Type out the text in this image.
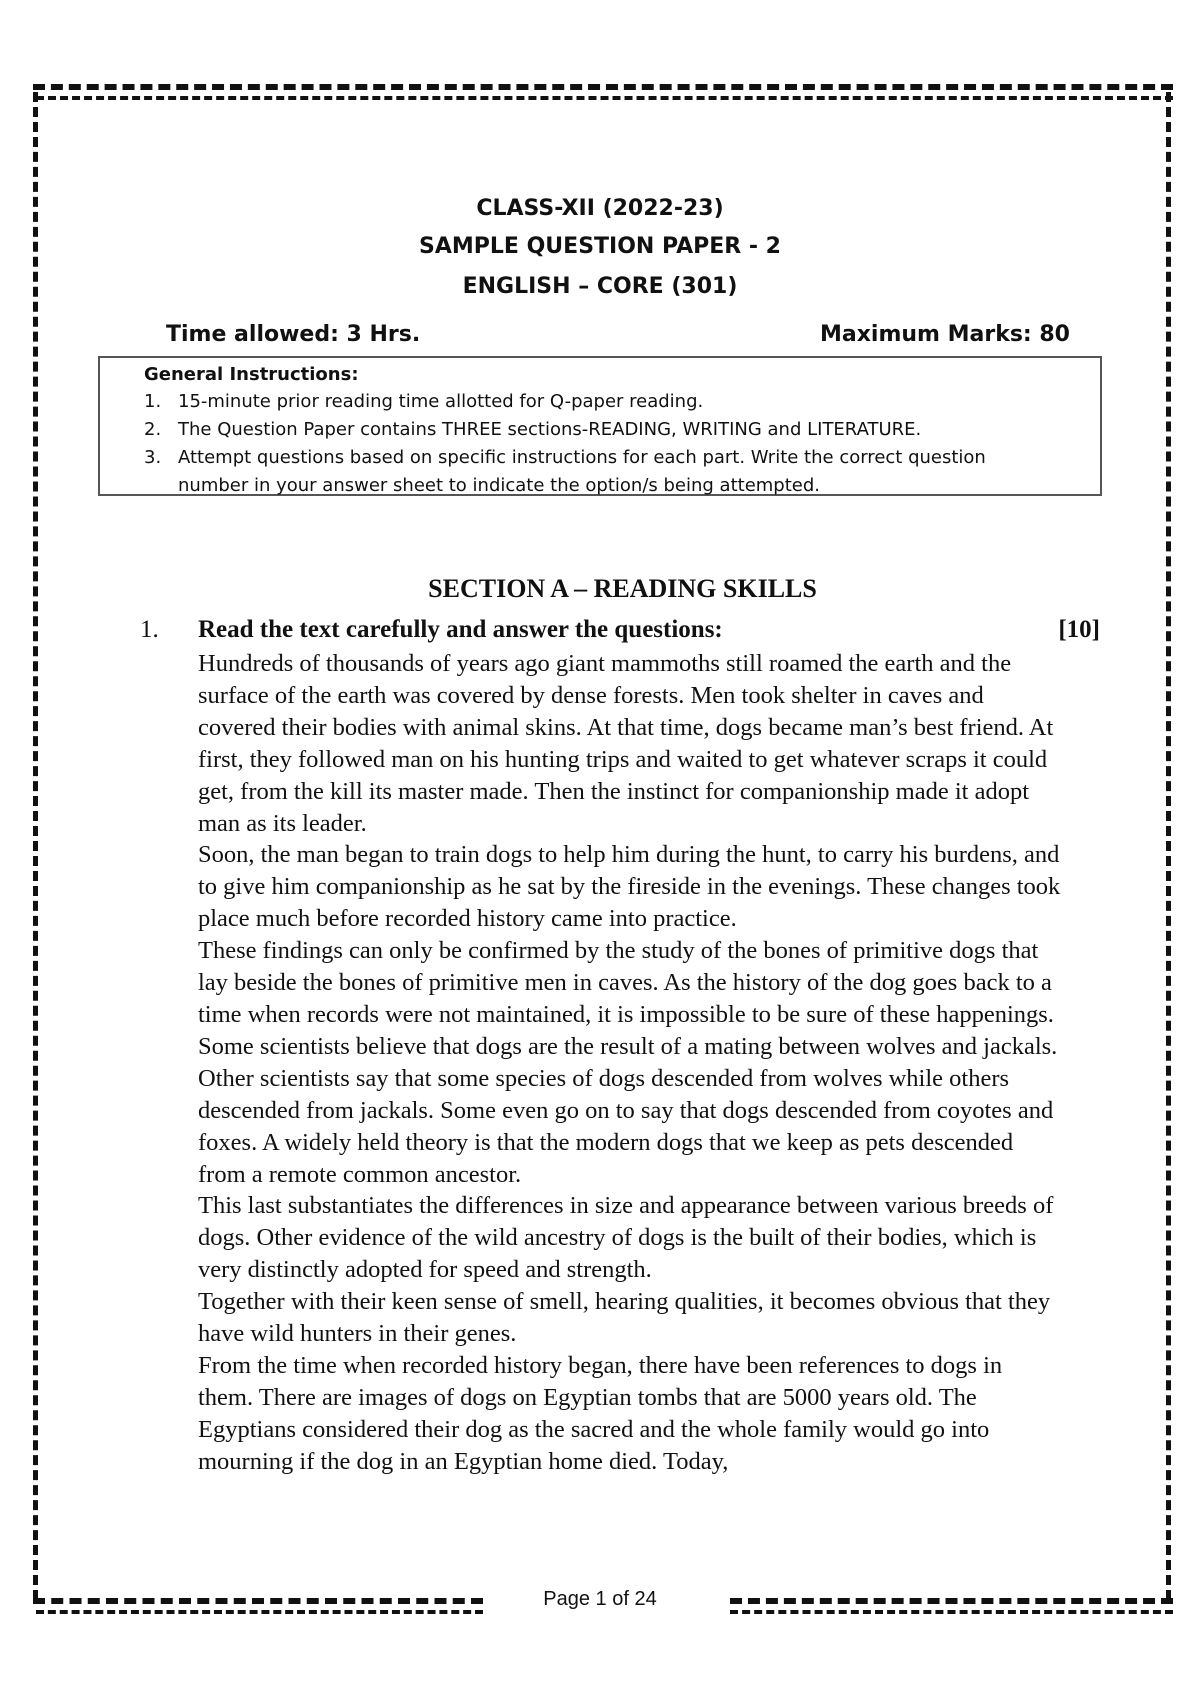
CLASS-XII (2022-23)
SAMPLE QUESTION PAPER - 2
ENGLISH – CORE (301)
Time allowed: 3 Hrs.	Maximum Marks: 80
General Instructions:
1. 15-minute prior reading time allotted for Q-paper reading.
2. The Question Paper contains THREE sections-READING, WRITING and LITERATURE.
3. Attempt questions based on specific instructions for each part. Write the correct question number in your answer sheet to indicate the option/s being attempted.
SECTION A – READING SKILLS
1. Read the text carefully and answer the questions:	[10]

Hundreds of thousands of years ago giant mammoths still roamed the earth and the surface of the earth was covered by dense forests. Men took shelter in caves and covered their bodies with animal skins. At that time, dogs became man’s best friend. At first, they followed man on his hunting trips and waited to get whatever scraps it could get, from the kill its master made. Then the instinct for companionship made it adopt man as its leader.

Soon, the man began to train dogs to help him during the hunt, to carry his burdens, and to give him companionship as he sat by the fireside in the evenings. These changes took place much before recorded history came into practice.

These findings can only be confirmed by the study of the bones of primitive dogs that lay beside the bones of primitive men in caves. As the history of the dog goes back to a time when records were not maintained, it is impossible to be sure of these happenings.

Some scientists believe that dogs are the result of a mating between wolves and jackals. Other scientists say that some species of dogs descended from wolves while others descended from jackals. Some even go on to say that dogs descended from coyotes and foxes. A widely held theory is that the modern dogs that we keep as pets descended from a remote common ancestor.

This last substantiates the differences in size and appearance between various breeds of dogs. Other evidence of the wild ancestry of dogs is the built of their bodies, which is very distinctly adopted for speed and strength.

Together with their keen sense of smell, hearing qualities, it becomes obvious that they have wild hunters in their genes.

From the time when recorded history began, there have been references to dogs in them. There are images of dogs on Egyptian tombs that are 5000 years old. The Egyptians considered their dog as the sacred and the whole family would go into mourning if the dog in an Egyptian home died. Today,

Page 1 of 24
